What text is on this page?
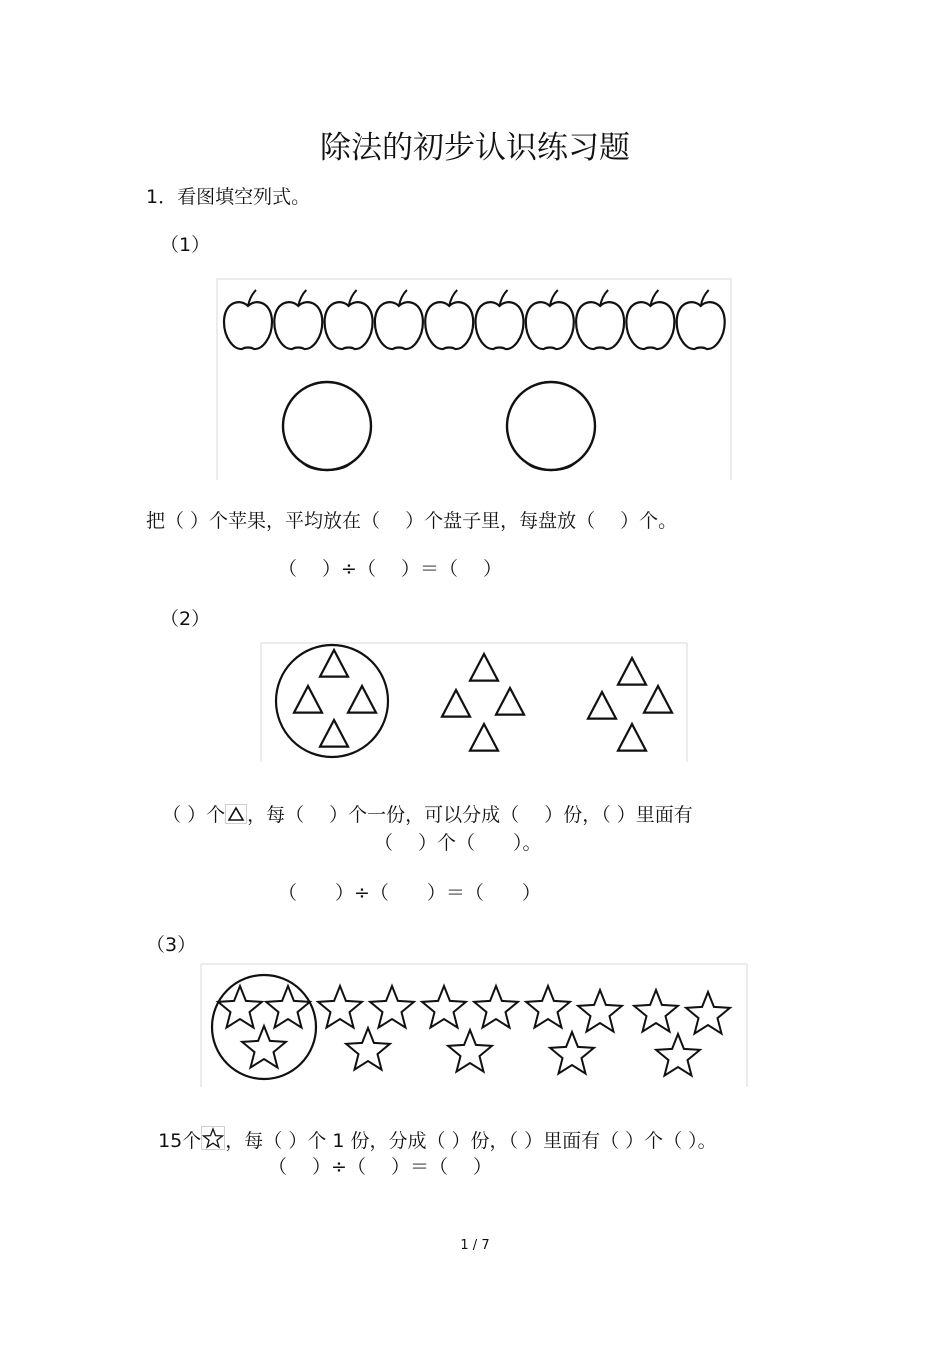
除法的初步认识练习题
1．看图填空列式。
（1）
把（ ）个苹果，平均放在（　 ）个盘子里，每盘放（　 ）个。
（　 ）÷（　 ）＝（　 ）
（2）

（ ）个 ，每（　 ）个一份，可以分成（　 ）份，（ ）里面有

（　 ）个（　　）。
（　　）÷（　　）＝（　　）
（3）

15个 ，每（ ）个 1 份，分成（ ）份，（ ）里面有（ ）个（ ）。

（　 ）÷（　 ）＝（　 ）
1 / 7
